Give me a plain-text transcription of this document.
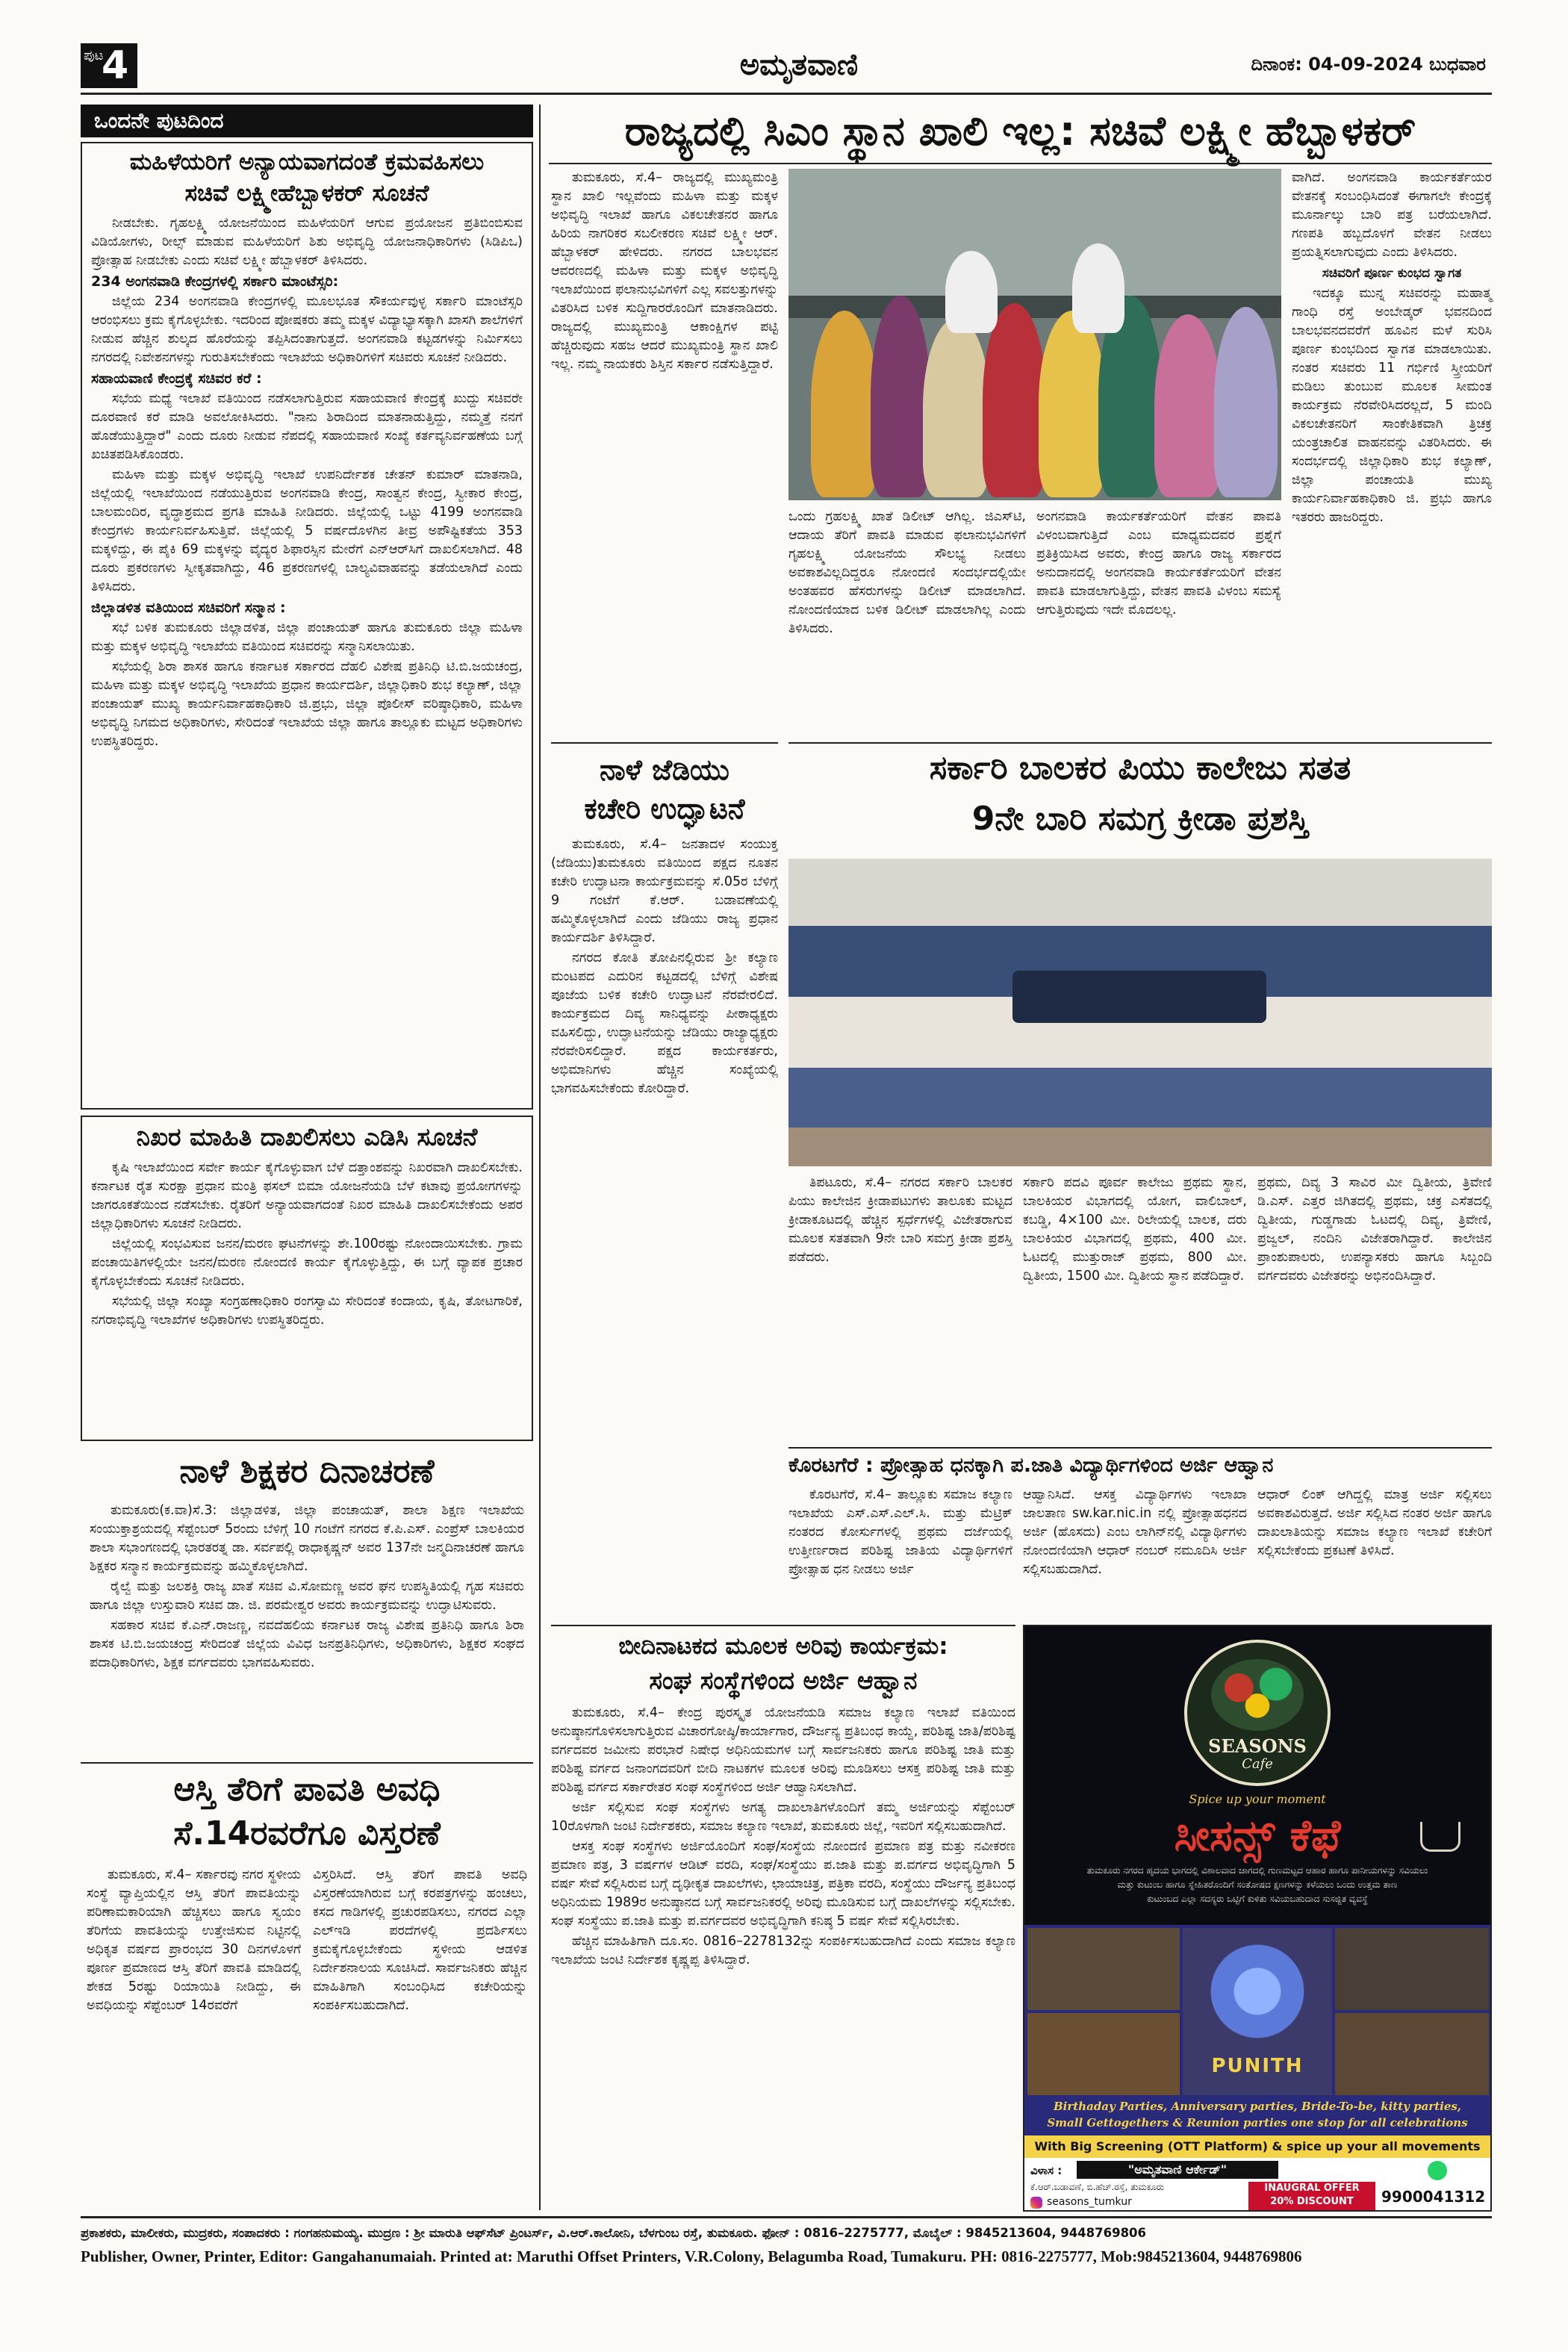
ಪುಟ
4	ಅಮೃತವಾಣಿ	ದಿನಾಂಕ: 04-09-2024 ಬುಧವಾರ
ಒಂದನೇ ಪುಟದಿಂದ
ಮಹಿಳೆಯರಿಗೆ ಅನ್ಯಾಯವಾಗದಂತೆ ಕ್ರಮವಹಿಸಲು
ಸಚಿವೆ ಲಕ್ಷ್ಮೀಹೆಬ್ಬಾಳಕರ್ ಸೂಚನೆ

ನೀಡಬೇಕು. ಗೃಹಲಕ್ಷ್ಮಿ ಯೋಜನೆಯಿಂದ ಮಹಿಳೆಯರಿಗೆ ಆಗುವ ಪ್ರಯೋಜನ ಪ್ರತಿಬಿಂಬಿಸುವ ವಿಡಿಯೋಗಳು, ರೀಲ್ಸ್ ಮಾಡುವ ಮಹಿಳೆಯರಿಗೆ ಶಿಶು ಅಭಿವೃದ್ಧಿ ಯೋಜನಾಧಿಕಾರಿಗಳು (ಸಿಡಿಪಿಒ) ಪ್ರೋತ್ಸಾಹ ನೀಡಬೇಕು ಎಂದು ಸಚಿವೆ ಲಕ್ಷ್ಮೀ ಹೆಬ್ಬಾಳಕರ್ ತಿಳಿಸಿದರು.

234 ಅಂಗನವಾಡಿ ಕೇಂದ್ರಗಳಲ್ಲಿ ಸರ್ಕಾರಿ ಮಾಂಟೆಸ್ಸರಿ:

ಜಿಲ್ಲೆಯ 234 ಅಂಗನವಾಡಿ ಕೇಂದ್ರಗಳಲ್ಲಿ ಮೂಲಭೂತ ಸೌಕರ್ಯವುಳ್ಳ ಸರ್ಕಾರಿ ಮಾಂಟೆಸ್ಸರಿ ಆರಂಭಿಸಲು ಕ್ರಮ ಕೈಗೊಳ್ಳಬೇಕು. ಇದರಿಂದ ಪೋಷಕರು ತಮ್ಮ ಮಕ್ಕಳ ವಿದ್ಯಾಭ್ಯಾಸಕ್ಕಾಗಿ ಖಾಸಗಿ ಶಾಲೆಗಳಿಗೆ ನೀಡುವ ಹೆಚ್ಚಿನ ಶುಲ್ಕದ ಹೊರೆಯನ್ನು ತಪ್ಪಿಸಿದಂತಾಗುತ್ತದೆ. ಅಂಗನವಾಡಿ ಕಟ್ಟಡಗಳನ್ನು ನಿರ್ಮಿಸಲು ನಗರದಲ್ಲಿ ನಿವೇಶನಗಳನ್ನು ಗುರುತಿಸಬೇಕೆಂದು ಇಲಾಖೆಯ ಅಧಿಕಾರಿಗಳಿಗೆ ಸಚಿವರು ಸೂಚನೆ ನೀಡಿದರು.

ಸಹಾಯವಾಣಿ ಕೇಂದ್ರಕ್ಕೆ ಸಚಿವರ ಕರೆ :

ಸಭೆಯ ಮಧ್ಯೆ ಇಲಾಖೆ ವತಿಯಿಂದ ನಡೆಸಲಾಗುತ್ತಿರುವ ಸಹಾಯವಾಣಿ ಕೇಂದ್ರಕ್ಕೆ ಖುದ್ದು ಸಚಿವರೇ ದೂರವಾಣಿ ಕರೆ ಮಾಡಿ ಅವಲೋಕಿಸಿದರು. "ನಾನು ಶಿರಾದಿಂದ ಮಾತನಾಡುತ್ತಿದ್ದು, ನಮ್ಮತ್ತೆ ನನಗೆ ಹೊಡೆಯುತ್ತಿದ್ದಾರೆ" ಎಂದು ದೂರು ನೀಡುವ ನೆಪದಲ್ಲಿ ಸಹಾಯವಾಣಿ ಸಂಖ್ಯೆ ಕರ್ತವ್ಯನಿರ್ವಹಣೆಯ ಬಗ್ಗೆ ಖಚಿತಪಡಿಸಿಕೊಂಡರು.

ಮಹಿಳಾ ಮತ್ತು ಮಕ್ಕಳ ಅಭಿವೃದ್ಧಿ ಇಲಾಖೆ ಉಪನಿರ್ದೇಶಕ ಚೇತನ್ ಕುಮಾರ್ ಮಾತನಾಡಿ, ಜಿಲ್ಲೆಯಲ್ಲಿ ಇಲಾಖೆಯಿಂದ ನಡೆಯುತ್ತಿರುವ ಅಂಗನವಾಡಿ ಕೇಂದ್ರ, ಸಾಂತ್ವನ ಕೇಂದ್ರ, ಸ್ವೀಕಾರ ಕೇಂದ್ರ, ಬಾಲಮಂದಿರ, ವೃದ್ಧಾಶ್ರಮದ ಪ್ರಗತಿ ಮಾಹಿತಿ ನೀಡಿದರು. ಜಿಲ್ಲೆಯಲ್ಲಿ ಒಟ್ಟು 4199 ಅಂಗನವಾಡಿ ಕೇಂದ್ರಗಳು ಕಾರ್ಯನಿರ್ವಹಿಸುತ್ತಿವೆ. ಜಿಲ್ಲೆಯಲ್ಲಿ 5 ವರ್ಷದೊಳಗಿನ ತೀವ್ರ ಅಪೌಷ್ಟಿಕತೆಯ 353 ಮಕ್ಕಳಿದ್ದು, ಈ ಪೈಕಿ 69 ಮಕ್ಕಳನ್ನು ವೈದ್ಯರ ಶಿಫಾರಸ್ಸಿನ ಮೇರೆಗೆ ಎನ್‌ಆರ್‌ಸಿಗೆ ದಾಖಲಿಸಲಾಗಿದೆ. 48 ದೂರು ಪ್ರಕರಣಗಳು ಸ್ವೀಕೃತವಾಗಿದ್ದು, 46 ಪ್ರಕರಣಗಳಲ್ಲಿ ಬಾಲ್ಯವಿವಾಹವನ್ನು ತಡೆಯಲಾಗಿದೆ ಎಂದು ತಿಳಿಸಿದರು.

ಜಿಲ್ಲಾಡಳಿತ ವತಿಯಿಂದ ಸಚಿವರಿಗೆ ಸನ್ಮಾನ :

ಸಭೆ ಬಳಿಕ ತುಮಕೂರು ಜಿಲ್ಲಾಡಳಿತ, ಜಿಲ್ಲಾ ಪಂಚಾಯತ್ ಹಾಗೂ ತುಮಕೂರು ಜಿಲ್ಲಾ ಮಹಿಳಾ ಮತ್ತು ಮಕ್ಕಳ ಅಭಿವೃದ್ಧಿ ಇಲಾಖೆಯ ವತಿಯಿಂದ ಸಚಿವರನ್ನು ಸನ್ಮಾನಿಸಲಾಯಿತು.

ಸಭೆಯಲ್ಲಿ ಶಿರಾ ಶಾಸಕ ಹಾಗೂ ಕರ್ನಾಟಕ ಸರ್ಕಾರದ ದೆಹಲಿ ವಿಶೇಷ ಪ್ರತಿನಿಧಿ ಟಿ.ಬಿ.ಜಯಚಂದ್ರ, ಮಹಿಳಾ ಮತ್ತು ಮಕ್ಕಳ ಅಭಿವೃದ್ಧಿ ಇಲಾಖೆಯ ಪ್ರಧಾನ ಕಾರ್ಯದರ್ಶಿ, ಜಿಲ್ಲಾಧಿಕಾರಿ ಶುಭ ಕಲ್ಯಾಣ್, ಜಿಲ್ಲಾ ಪಂಚಾಯತ್ ಮುಖ್ಯ ಕಾರ್ಯನಿರ್ವಾಹಕಾಧಿಕಾರಿ ಜಿ.ಪ್ರಭು, ಜಿಲ್ಲಾ ಪೊಲೀಸ್ ವರಿಷ್ಠಾಧಿಕಾರಿ, ಮಹಿಳಾ ಅಭಿವೃದ್ಧಿ ನಿಗಮದ ಅಧಿಕಾರಿಗಳು, ಸೇರಿದಂತೆ ಇಲಾಖೆಯ ಜಿಲ್ಲಾ ಹಾಗೂ ತಾಲ್ಲೂಕು ಮಟ್ಟದ ಅಧಿಕಾರಿಗಳು ಉಪಸ್ಥಿತರಿದ್ದರು.

ನಿಖರ ಮಾಹಿತಿ ದಾಖಲಿಸಲು ಎಡಿಸಿ ಸೂಚನೆ

ಕೃಷಿ ಇಲಾಖೆಯಿಂದ ಸರ್ವೇ ಕಾರ್ಯ ಕೈಗೊಳ್ಳುವಾಗ ಬೆಳೆ ದತ್ತಾಂಶವನ್ನು ನಿಖರವಾಗಿ ದಾಖಲಿಸಬೇಕು. ಕರ್ನಾಟಕ ರೈತ ಸುರಕ್ಷಾ ಪ್ರಧಾನ ಮಂತ್ರಿ ಫಸಲ್ ಬಿಮಾ ಯೋಜನೆಯಡಿ ಬೆಳೆ ಕಟಾವು ಪ್ರಯೋಗಗಳನ್ನು ಜಾಗರೂಕತೆಯಿಂದ ನಡೆಸಬೇಕು. ರೈತರಿಗೆ ಅನ್ಯಾಯವಾಗದಂತೆ ನಿಖರ ಮಾಹಿತಿ ದಾಖಲಿಸಬೇಕೆಂದು ಅಪರ ಜಿಲ್ಲಾಧಿಕಾರಿಗಳು ಸೂಚನೆ ನೀಡಿದರು.

ಜಿಲ್ಲೆಯಲ್ಲಿ ಸಂಭವಿಸುವ ಜನನ/ಮರಣ ಘಟನೆಗಳನ್ನು ಶೇ.100ರಷ್ಟು ನೋಂದಾಯಿಸಬೇಕು. ಗ್ರಾಮ ಪಂಚಾಯಿತಿಗಳಲ್ಲಿಯೇ ಜನನ/ಮರಣ ನೋಂದಣಿ ಕಾರ್ಯ ಕೈಗೊಳ್ಳುತ್ತಿದ್ದು, ಈ ಬಗ್ಗೆ ವ್ಯಾಪಕ ಪ್ರಚಾರ ಕೈಗೊಳ್ಳಬೇಕೆಂದು ಸೂಚನೆ ನೀಡಿದರು.

ಸಭೆಯಲ್ಲಿ ಜಿಲ್ಲಾ ಸಂಖ್ಯಾ ಸಂಗ್ರಹಣಾಧಿಕಾರಿ ರಂಗಸ್ವಾಮಿ ಸೇರಿದಂತೆ ಕಂದಾಯ, ಕೃಷಿ, ತೋಟಗಾರಿಕೆ, ನಗರಾಭಿವೃದ್ಧಿ ಇಲಾಖೆಗಳ ಅಧಿಕಾರಿಗಳು ಉಪಸ್ಥಿತರಿದ್ದರು.

ನಾಳೆ ಶಿಕ್ಷಕರ ದಿನಾಚರಣೆ

ತುಮಕೂರು(ಕ.ವಾ)ಸೆ.3: ಜಿಲ್ಲಾಡಳಿತ, ಜಿಲ್ಲಾ ಪಂಚಾಯತ್, ಶಾಲಾ ಶಿಕ್ಷಣ ಇಲಾಖೆಯ ಸಂಯುಕ್ತಾಶ್ರಯದಲ್ಲಿ ಸೆಪ್ಟೆಂಬರ್ 5ರಂದು ಬೆಳಿಗ್ಗೆ 10 ಗಂಟೆಗೆ ನಗರದ ಕೆ.ಪಿ.ಎಸ್. ಎಂಪ್ರೆಸ್ ಬಾಲಕಿಯರ ಶಾಲಾ ಸಭಾಂಗಣದಲ್ಲಿ ಭಾರತರತ್ನ ಡಾ. ಸರ್ವಪಲ್ಲಿ ರಾಧಾಕೃಷ್ಣನ್ ಅವರ 137ನೇ ಜನ್ಮದಿನಾಚರಣೆ ಹಾಗೂ ಶಿಕ್ಷಕರ ಸನ್ಮಾನ ಕಾರ್ಯಕ್ರಮವನ್ನು ಹಮ್ಮಿಕೊಳ್ಳಲಾಗಿದೆ.

ರೈಲ್ವೆ ಮತ್ತು ಜಲಶಕ್ತಿ ರಾಜ್ಯ ಖಾತೆ ಸಚಿವ ವಿ.ಸೋಮಣ್ಣ ಅವರ ಘನ ಉಪಸ್ಥಿತಿಯಲ್ಲಿ ಗೃಹ ಸಚಿವರು ಹಾಗೂ ಜಿಲ್ಲಾ ಉಸ್ತುವಾರಿ ಸಚಿವ ಡಾ. ಜಿ. ಪರಮೇಶ್ವರ ಅವರು ಕಾರ್ಯಕ್ರಮವನ್ನು ಉದ್ಘಾಟಿಸುವರು.

ಸಹಕಾರ ಸಚಿವ ಕೆ.ಎನ್.ರಾಜಣ್ಣ, ನವದೆಹಲಿಯ ಕರ್ನಾಟಕ ರಾಜ್ಯ ವಿಶೇಷ ಪ್ರತಿನಿಧಿ ಹಾಗೂ ಶಿರಾ ಶಾಸಕ ಟಿ.ಬಿ.ಜಯಚಂದ್ರ ಸೇರಿದಂತೆ ಜಿಲ್ಲೆಯ ವಿವಿಧ ಜನಪ್ರತಿನಿಧಿಗಳು, ಅಧಿಕಾರಿಗಳು, ಶಿಕ್ಷಕರ ಸಂಘದ ಪದಾಧಿಕಾರಿಗಳು, ಶಿಕ್ಷಕ ವರ್ಗದವರು ಭಾಗವಹಿಸುವರು.

ಆಸ್ತಿ ತೆರಿಗೆ ಪಾವತಿ ಅವಧಿ
ಸೆ.14ರವರೆಗೂ ವಿಸ್ತರಣೆ

ತುಮಕೂರು, ಸೆ.4– ಸರ್ಕಾರವು ನಗರ ಸ್ಥಳೀಯ ಸಂಸ್ಥೆ ವ್ಯಾಪ್ತಿಯಲ್ಲಿನ ಆಸ್ತಿ ತೆರಿಗೆ ಪಾವತಿಯನ್ನು ಪರಿಣಾಮಕಾರಿಯಾಗಿ ಹೆಚ್ಚಿಸಲು ಹಾಗೂ ಸ್ವಯಂ ತೆರಿಗೆಯ ಪಾವತಿಯನ್ನು ಉತ್ತೇಜಿಸುವ ನಿಟ್ಟಿನಲ್ಲಿ ಅಧಿಕೃತ ವರ್ಷದ ಪ್ರಾರಂಭದ 30 ದಿನಗಳೊಳಗೆ ಪೂರ್ಣ ಪ್ರಮಾಣದ ಆಸ್ತಿ ತೆರಿಗೆ ಪಾವತಿ ಮಾಡಿದಲ್ಲಿ ಶೇಕಡ 5ರಷ್ಟು ರಿಯಾಯಿತಿ ನೀಡಿದ್ದು, ಈ ಅವಧಿಯನ್ನು ಸೆಪ್ಟೆಂಬರ್ 14ರವರೆಗೆ

ವಿಸ್ತರಿಸಿದೆ. ಆಸ್ತಿ ತೆರಿಗೆ ಪಾವತಿ ಅವಧಿ ವಿಸ್ತರಣೆಯಾಗಿರುವ ಬಗ್ಗೆ ಕರಪತ್ರಗಳನ್ನು ಹಂಚಲು, ಕಸದ ಗಾಡಿಗಳಲ್ಲಿ ಪ್ರಚುರಪಡಿಸಲು, ನಗರದ ಎಲ್ಲಾ ಎಲ್‌ಇಡಿ ಪರದೆಗಳಲ್ಲಿ ಪ್ರದರ್ಶಿಸಲು ಕ್ರಮಕೈಗೊಳ್ಳಬೇಕೆಂದು ಸ್ಥಳೀಯ ಆಡಳಿತ ನಿರ್ದೇಶನಾಲಯ ಸೂಚಿಸಿದೆ. ಸಾರ್ವಜನಿಕರು ಹೆಚ್ಚಿನ ಮಾಹಿತಿಗಾಗಿ ಸಂಬಂಧಿಸಿದ ಕಚೇರಿಯನ್ನು ಸಂಪರ್ಕಿಸಬಹುದಾಗಿದೆ.

ರಾಜ್ಯದಲ್ಲಿ ಸಿಎಂ ಸ್ಥಾನ ಖಾಲಿ ಇಲ್ಲ: ಸಚಿವೆ ಲಕ್ಷ್ಮೀ ಹೆಬ್ಬಾಳಕರ್

ತುಮಕೂರು, ಸೆ.4– ರಾಜ್ಯದಲ್ಲಿ ಮುಖ್ಯಮಂತ್ರಿ ಸ್ಥಾನ ಖಾಲಿ ಇಲ್ಲವೆಂದು ಮಹಿಳಾ ಮತ್ತು ಮಕ್ಕಳ ಅಭಿವೃದ್ಧಿ ಇಲಾಖೆ ಹಾಗೂ ವಿಕಲಚೇತನರ ಹಾಗೂ ಹಿರಿಯ ನಾಗರಿಕರ ಸಬಲೀಕರಣ ಸಚಿವೆ ಲಕ್ಷ್ಮೀ ಆರ್. ಹೆಬ್ಬಾಳಕರ್ ಹೇಳಿದರು. ನಗರದ ಬಾಲಭವನ ಆವರಣದಲ್ಲಿ ಮಹಿಳಾ ಮತ್ತು ಮಕ್ಕಳ ಅಭಿವೃದ್ಧಿ ಇಲಾಖೆಯಿಂದ ಫಲಾನುಭವಿಗಳಿಗೆ ಎಲ್ಲ ಸವಲತ್ತುಗಳನ್ನು ವಿತರಿಸಿದ ಬಳಿಕ ಸುದ್ದಿಗಾರರೊಂದಿಗೆ ಮಾತನಾಡಿದರು. ರಾಜ್ಯದಲ್ಲಿ ಮುಖ್ಯಮಂತ್ರಿ ಆಕಾಂಕ್ಷಿಗಳ ಪಟ್ಟಿ ಹೆಚ್ಚಿರುವುದು ಸಹಜ ಆದರೆ ಮುಖ್ಯಮಂತ್ರಿ ಸ್ಥಾನ ಖಾಲಿ ಇಲ್ಲ. ನಮ್ಮ ನಾಯಕರು ಶಿಸ್ತಿನ ಸರ್ಕಾರ ನಡೆಸುತ್ತಿದ್ದಾರೆ.

ಒಂದು ಗ್ರಹಲಕ್ಷ್ಮಿ ಖಾತೆ ಡಿಲೀಟ್ ಆಗಿಲ್ಲ. ಜಿಎಸ್‌ಟಿ, ಆದಾಯ ತೆರಿಗೆ ಪಾವತಿ ಮಾಡುವ ಫಲಾನುಭವಿಗಳಿಗೆ ಗೃಹಲಕ್ಷ್ಮಿ ಯೋಜನೆಯ ಸೌಲಭ್ಯ ನೀಡಲು ಅವಕಾಶವಿಲ್ಲದಿದ್ದರೂ ನೋಂದಣಿ ಸಂದರ್ಭದಲ್ಲಿಯೇ ಅಂತಹವರ ಹೆಸರುಗಳನ್ನು ಡಿಲೀಟ್ ಮಾಡಲಾಗಿದೆ. ನೋಂದಣಿಯಾದ ಬಳಿಕ ಡಿಲೀಟ್ ಮಾಡಲಾಗಿಲ್ಲ ಎಂದು ತಿಳಿಸಿದರು.

ಅಂಗನವಾಡಿ ಕಾರ್ಯಕರ್ತೆಯರಿಗೆ ವೇತನ ಪಾವತಿ ವಿಳಂಬವಾಗುತ್ತಿದೆ ಎಂಬ ಮಾಧ್ಯಮದವರ ಪ್ರಶ್ನೆಗೆ ಪ್ರತಿಕ್ರಿಯಿಸಿದ ಅವರು, ಕೇಂದ್ರ ಹಾಗೂ ರಾಜ್ಯ ಸರ್ಕಾರದ ಅನುದಾನದಲ್ಲಿ ಅಂಗನವಾಡಿ ಕಾರ್ಯಕರ್ತೆಯರಿಗೆ ವೇತನ ಪಾವತಿ ಮಾಡಲಾಗುತ್ತಿದ್ದು, ವೇತನ ಪಾವತಿ ವಿಳಂಬ ಸಮಸ್ಯೆ ಆಗುತ್ತಿರುವುದು ಇದೇ ಮೊದಲಲ್ಲ.

ವಾಗಿದೆ. ಅಂಗನವಾಡಿ ಕಾರ್ಯಕರ್ತೆಯರ ವೇತನಕ್ಕೆ ಸಂಬಂಧಿಸಿದಂತೆ ಈಗಾಗಲೇ ಕೇಂದ್ರಕ್ಕೆ ಮೂರ್ನಾಲ್ಕು ಬಾರಿ ಪತ್ರ ಬರೆಯಲಾಗಿದೆ. ಗಣಪತಿ ಹಬ್ಬದೊಳಗೆ ವೇತನ ನೀಡಲು ಪ್ರಯತ್ನಿಸಲಾಗುವುದು ಎಂದು ತಿಳಿಸಿದರು.

ಸಚಿವರಿಗೆ ಪೂರ್ಣ ಕುಂಭದ ಸ್ವಾಗತ

ಇದಕ್ಕೂ ಮುನ್ನ ಸಚಿವರನ್ನು ಮಹಾತ್ಮ ಗಾಂಧಿ ರಸ್ತೆ ಅಂಬೇಡ್ಕರ್ ಭವನದಿಂದ ಬಾಲಭವನದವರೆಗೆ ಹೂವಿನ ಮಳೆ ಸುರಿಸಿ ಪೂರ್ಣ ಕುಂಭದಿಂದ ಸ್ವಾಗತ ಮಾಡಲಾಯಿತು. ನಂತರ ಸಚಿವರು 11 ಗರ್ಭಿಣಿ ಸ್ತ್ರೀಯರಿಗೆ ಮಡಿಲು ತುಂಬುವ ಮೂಲಕ ಸೀಮಂತ ಕಾರ್ಯಕ್ರಮ ನೆರವೇರಿಸಿದರಲ್ಲದೆ, 5 ಮಂದಿ ವಿಕಲಚೇತನರಿಗೆ ಸಾಂಕೇತಿಕವಾಗಿ ತ್ರಿಚಕ್ರ ಯಂತ್ರಚಾಲಿತ ವಾಹನವನ್ನು ವಿತರಿಸಿದರು. ಈ ಸಂದರ್ಭದಲ್ಲಿ ಜಿಲ್ಲಾಧಿಕಾರಿ ಶುಭ ಕಲ್ಯಾಣ್, ಜಿಲ್ಲಾ ಪಂಚಾಯತಿ ಮುಖ್ಯ ಕಾರ್ಯನಿರ್ವಾಹಕಾಧಿಕಾರಿ ಜಿ. ಪ್ರಭು ಹಾಗೂ ಇತರರು ಹಾಜರಿದ್ದರು.

ನಾಳೆ ಜೆಡಿಯು
ಕಚೇರಿ ಉದ್ಘಾಟನೆ

ತುಮಕೂರು, ಸೆ.4– ಜನತಾದಳ ಸಂಯುಕ್ತ (ಜೆಡಿಯು)ತುಮಕೂರು ವತಿಯಿಂದ ಪಕ್ಷದ ನೂತನ ಕಚೇರಿ ಉದ್ಘಾಟನಾ ಕಾರ್ಯಕ್ರಮವನ್ನು ಸೆ.05ರ ಬೆಳಿಗ್ಗೆ 9 ಗಂಟೆಗೆ ಕೆ.ಆರ್. ಬಡಾವಣೆಯಲ್ಲಿ ಹಮ್ಮಿಕೊಳ್ಳಲಾಗಿದೆ ಎಂದು ಜೆಡಿಯು ರಾಜ್ಯ ಪ್ರಧಾನ ಕಾರ್ಯದರ್ಶಿ ತಿಳಿಸಿದ್ದಾರೆ.

ನಗರದ ಕೋತಿ ತೋಪಿನಲ್ಲಿರುವ ಶ್ರೀ ಕಲ್ಯಾಣ ಮಂಟಪದ ಎದುರಿನ ಕಟ್ಟಡದಲ್ಲಿ ಬೆಳಿಗ್ಗೆ ವಿಶೇಷ ಪೂಜೆಯ ಬಳಿಕ ಕಚೇರಿ ಉದ್ಘಾಟನೆ ನೆರವೇರಲಿದೆ. ಕಾರ್ಯಕ್ರಮದ ದಿವ್ಯ ಸಾನಿಧ್ಯವನ್ನು ಪೀಠಾಧ್ಯಕ್ಷರು ವಹಿಸಲಿದ್ದು, ಉದ್ಘಾಟನೆಯನ್ನು ಜೆಡಿಯು ರಾಜ್ಯಾಧ್ಯಕ್ಷರು ನೆರವೇರಿಸಲಿದ್ದಾರೆ. ಪಕ್ಷದ ಕಾರ್ಯಕರ್ತರು, ಅಭಿಮಾನಿಗಳು ಹೆಚ್ಚಿನ ಸಂಖ್ಯೆಯಲ್ಲಿ ಭಾಗವಹಿಸಬೇಕೆಂದು ಕೋರಿದ್ದಾರೆ.

ಸರ್ಕಾರಿ ಬಾಲಕರ ಪಿಯು ಕಾಲೇಜು ಸತತ
9ನೇ ಬಾರಿ ಸಮಗ್ರ ಕ್ರೀಡಾ ಪ್ರಶಸ್ತಿ

ತಿಪಟೂರು, ಸೆ.4– ನಗರದ ಸರ್ಕಾರಿ ಬಾಲಕರ ಪಿಯು ಕಾಲೇಜಿನ ಕ್ರೀಡಾಪಟುಗಳು ತಾಲೂಕು ಮಟ್ಟದ ಕ್ರೀಡಾಕೂಟದಲ್ಲಿ ಹೆಚ್ಚಿನ ಸ್ಪರ್ಧೆಗಳಲ್ಲಿ ವಿಜೇತರಾಗುವ ಮೂಲಕ ಸತತವಾಗಿ 9ನೇ ಬಾರಿ ಸಮಗ್ರ ಕ್ರೀಡಾ ಪ್ರಶಸ್ತಿ ಪಡೆದರು.

ಸರ್ಕಾರಿ ಪದವಿ ಪೂರ್ವ ಕಾಲೇಜು ಪ್ರಥಮ ಸ್ಥಾನ, ಬಾಲಕಿಯರ ವಿಭಾಗದಲ್ಲಿ ಯೋಗ, ವಾಲಿಬಾಲ್, ಕಬಡ್ಡಿ, 4×100 ಮೀ. ರಿಲೇಯಲ್ಲಿ ಬಾಲಕ, ದರು ಬಾಲಕಿಯರ ವಿಭಾಗದಲ್ಲಿ ಪ್ರಥಮ, 400 ಮೀ. ಓಟದಲ್ಲಿ ಮುತ್ತುರಾಜ್ ಪ್ರಥಮ, 800 ಮೀ. ದ್ವಿತೀಯ, 1500 ಮೀ. ದ್ವಿತೀಯ ಸ್ಥಾನ ಪಡೆದಿದ್ದಾರೆ.

ಪ್ರಥಮ, ದಿವ್ಯ 3 ಸಾವಿರ ಮೀ ದ್ವಿತೀಯ, ತ್ರಿವೇಣಿ ಡಿ.ಎಸ್. ಎತ್ತರ ಜಿಗಿತದಲ್ಲಿ ಪ್ರಥಮ, ಚಕ್ರ ಎಸೆತದಲ್ಲಿ ದ್ವಿತೀಯ, ಗುಡ್ಡಗಾಡು ಓಟದಲ್ಲಿ ದಿವ್ಯ, ತ್ರಿವೇಣಿ, ಪ್ರಜ್ವಲ್, ನಂದಿನಿ ವಿಜೇತರಾಗಿದ್ದಾರೆ. ಕಾಲೇಜಿನ ಪ್ರಾಂಶುಪಾಲರು, ಉಪನ್ಯಾಸಕರು ಹಾಗೂ ಸಿಬ್ಬಂದಿ ವರ್ಗದವರು ವಿಜೇತರನ್ನು ಅಭಿನಂದಿಸಿದ್ದಾರೆ.

ಕೊರಟಗೆರೆ : ಪ್ರೋತ್ಸಾಹ ಧನಕ್ಕಾಗಿ ಪ.ಜಾತಿ ವಿದ್ಯಾರ್ಥಿಗಳಿಂದ ಅರ್ಜಿ ಆಹ್ವಾನ

ಕೊರಟಗೆರೆ, ಸೆ.4– ತಾಲ್ಲೂಕು ಸಮಾಜ ಕಲ್ಯಾಣ ಇಲಾಖೆಯ ಎಸ್.ಎಸ್.ಎಲ್.ಸಿ. ಮತ್ತು ಮೆಟ್ರಿಕ್ ನಂತರದ ಕೋರ್ಸುಗಳಲ್ಲಿ ಪ್ರಥಮ ದರ್ಜೆಯಲ್ಲಿ ಉತ್ತೀರ್ಣರಾದ ಪರಿಶಿಷ್ಟ ಜಾತಿಯ ವಿದ್ಯಾರ್ಥಿಗಳಿಗೆ ಪ್ರೋತ್ಸಾಹ ಧನ ನೀಡಲು ಅರ್ಜಿ

ಆಹ್ವಾನಿಸಿದೆ. ಆಸಕ್ತ ವಿದ್ಯಾರ್ಥಿಗಳು ಇಲಾಖಾ ಜಾಲತಾಣ sw.kar.nic.in ನಲ್ಲಿ ಪ್ರೋತ್ಸಾಹಧನದ ಅರ್ಜಿ (ಹೊಸದು) ಎಂಬ ಲಾಗಿನ್‌ನಲ್ಲಿ ವಿದ್ಯಾರ್ಥಿಗಳು ನೋಂದಣಿಯಾಗಿ ಆಧಾರ್ ನಂಬರ್ ನಮೂದಿಸಿ ಅರ್ಜಿ ಸಲ್ಲಿಸಬಹುದಾಗಿದೆ.

ಆಧಾರ್ ಲಿಂಕ್ ಆಗಿದ್ದಲ್ಲಿ ಮಾತ್ರ ಅರ್ಜಿ ಸಲ್ಲಿಸಲು ಅವಕಾಶವಿರುತ್ತದೆ. ಅರ್ಜಿ ಸಲ್ಲಿಸಿದ ನಂತರ ಅರ್ಜಿ ಹಾಗೂ ದಾಖಲಾತಿಯನ್ನು ಸಮಾಜ ಕಲ್ಯಾಣ ಇಲಾಖೆ ಕಚೇರಿಗೆ ಸಲ್ಲಿಸಬೇಕೆಂದು ಪ್ರಕಟಣೆ ತಿಳಿಸಿದೆ.

ಬೀದಿನಾಟಕದ ಮೂಲಕ ಅರಿವು ಕಾರ್ಯಕ್ರಮ:
ಸಂಘ ಸಂಸ್ಥೆಗಳಿಂದ ಅರ್ಜಿ ಆಹ್ವಾನ

ತುಮಕೂರು, ಸೆ.4– ಕೇಂದ್ರ ಪುರಸ್ಕೃತ ಯೋಜನೆಯಡಿ ಸಮಾಜ ಕಲ್ಯಾಣ ಇಲಾಖೆ ವತಿಯಿಂದ ಅನುಷ್ಠಾನಗೊಳಿಸಲಾಗುತ್ತಿರುವ ವಿಚಾರಗೋಷ್ಠಿ/ಕಾರ್ಯಾಗಾರ, ದೌರ್ಜನ್ಯ ಪ್ರತಿಬಂಧ ಕಾಯ್ದೆ, ಪರಿಶಿಷ್ಟ ಜಾತಿ/ಪರಿಶಿಷ್ಟ ವರ್ಗದವರ ಜಮೀನು ಪರಭಾರೆ ನಿಷೇಧ ಅಧಿನಿಯಮಗಳ ಬಗ್ಗೆ ಸಾರ್ವಜನಿಕರು ಹಾಗೂ ಪರಿಶಿಷ್ಟ ಜಾತಿ ಮತ್ತು ಪರಿಶಿಷ್ಟ ವರ್ಗದ ಜನಾಂಗದವರಿಗೆ ಬೀದಿ ನಾಟಕಗಳ ಮೂಲಕ ಅರಿವು ಮೂಡಿಸಲು ಆಸಕ್ತ ಪರಿಶಿಷ್ಟ ಜಾತಿ ಮತ್ತು ಪರಿಶಿಷ್ಟ ವರ್ಗದ ಸರ್ಕಾರೇತರ ಸಂಘ ಸಂಸ್ಥೆಗಳಿಂದ ಅರ್ಜಿ ಆಹ್ವಾನಿಸಲಾಗಿದೆ.

ಅರ್ಜಿ ಸಲ್ಲಿಸುವ ಸಂಘ ಸಂಸ್ಥೆಗಳು ಅಗತ್ಯ ದಾಖಲಾತಿಗಳೊಂದಿಗೆ ತಮ್ಮ ಅರ್ಜಿಯನ್ನು ಸೆಪ್ಟೆಂಬರ್ 10ರೊಳಗಾಗಿ ಜಂಟಿ ನಿರ್ದೇಶಕರು, ಸಮಾಜ ಕಲ್ಯಾಣ ಇಲಾಖೆ, ತುಮಕೂರು ಜಿಲ್ಲೆ, ಇವರಿಗೆ ಸಲ್ಲಿಸಬಹುದಾಗಿದೆ.

ಆಸಕ್ತ ಸಂಘ ಸಂಸ್ಥೆಗಳು ಅರ್ಜಿಯೊಂದಿಗೆ ಸಂಘ/ಸಂಸ್ಥೆಯ ನೋಂದಣಿ ಪ್ರಮಾಣ ಪತ್ರ ಮತ್ತು ನವೀಕರಣ ಪ್ರಮಾಣ ಪತ್ರ, 3 ವರ್ಷಗಳ ಆಡಿಟ್ ವರದಿ, ಸಂಘ/ಸಂಸ್ಥೆಯು ಪ.ಜಾತಿ ಮತ್ತು ಪ.ವರ್ಗದ ಅಭಿವೃದ್ಧಿಗಾಗಿ 5 ವರ್ಷ ಸೇವೆ ಸಲ್ಲಿಸಿರುವ ಬಗ್ಗೆ ದೃಢೀಕೃತ ದಾಖಲೆಗಳು, ಛಾಯಾಚಿತ್ರ, ಪತ್ರಿಕಾ ವರದಿ, ಸಂಸ್ಥೆಯು ದೌರ್ಜನ್ಯ ಪ್ರತಿಬಂಧ ಅಧಿನಿಯಮ 1989ರ ಅನುಷ್ಠಾನದ ಬಗ್ಗೆ ಸಾರ್ವಜನಿಕರಲ್ಲಿ ಅರಿವು ಮೂಡಿಸುವ ಬಗ್ಗೆ ದಾಖಲೆಗಳನ್ನು ಸಲ್ಲಿಸಬೇಕು. ಸಂಘ ಸಂಸ್ಥೆಯು ಪ.ಜಾತಿ ಮತ್ತು ಪ.ವರ್ಗದವರ ಅಭಿವೃದ್ಧಿಗಾಗಿ ಕನಿಷ್ಠ 5 ವರ್ಷ ಸೇವೆ ಸಲ್ಲಿಸಿರಬೇಕು.

ಹೆಚ್ಚಿನ ಮಾಹಿತಿಗಾಗಿ ದೂ.ಸಂ. 0816–2278132ನ್ನು ಸಂಪರ್ಕಿಸಬಹುದಾಗಿದೆ ಎಂದು ಸಮಾಜ ಕಲ್ಯಾಣ ಇಲಾಖೆಯ ಜಂಟಿ ನಿರ್ದೇಶಕ ಕೃಷ್ಣಪ್ಪ ತಿಳಿಸಿದ್ದಾರೆ.

SEASONS
Cafe
Spice up your moment
ಸೀಸನ್ಸ್ ಕೆಫೆ
ತುಮಕೂರು ನಗರದ ಹೃದಯ ಭಾಗದಲ್ಲಿ ವಿಶಾಲವಾದ ಜಾಗದಲ್ಲಿ ಗುಣಮಟ್ಟದ ಆಹಾರ ಹಾಗೂ ಪಾನೀಯಗಳನ್ನು ಸವಿಯಲು
ಮತ್ತು ಕುಟುಂಬ ಹಾಗೂ ಸ್ನೇಹಿತರೊಂದಿಗೆ ಸಂತೋಷದ ಕ್ಷಣಗಳನ್ನು ಕಳೆಯಲು ಒಂದು ಉತ್ತಮ ತಾಣ
ಕುಟುಂಬದ ಎಲ್ಲಾ ಸದಸ್ಯರು ಒಟ್ಟಿಗೆ ಕುಳಿತು ಸವಿಯಬಹುದಾದ ಸುಸಜ್ಜಿತ ವ್ಯವಸ್ಥೆ
PUNITH
Birthaday Parties, Anniversary parties, Bride-To-be, kitty parties,
Small Gettogethers & Reunion parties one stop for all celebrations
With Big Screening (OTT Platform) & spice up your all movements
ವಿಳಾಸ :	"ಅಮೃತವಾಣಿ ಆರ್ಕೇಡ್"
ಕೆ.ಆರ್.ಬಡಾವಣೆ, ಬಿ.ಹೆಚ್.ರಸ್ತೆ, ತುಮಕೂರು
seasons_tumkur
INAUGRAL OFFER
20% DISCOUNT	9900041312
ಪ್ರಕಾಶಕರು, ಮಾಲೀಕರು, ಮುದ್ರಕರು, ಸಂಪಾದಕರು : ಗಂಗಹನುಮಯ್ಯ. ಮುದ್ರಣ : ಶ್ರೀ ಮಾರುತಿ ಆಫ್‌ಸೆಟ್ ಪ್ರಿಂಟರ್ಸ್, ವಿ.ಆರ್.ಕಾಲೋನಿ, ಬೆಳಗುಂಬ ರಸ್ತೆ, ತುಮಕೂರು. ಫೋನ್ : 0816–2275777, ಮೊಬೈಲ್ : 9845213604, 9448769806
Publisher, Owner, Printer, Editor: Gangahanumaiah. Printed at: Maruthi Offset Printers, V.R.Colony, Belagumba Road, Tumakuru. PH: 0816-2275777, Mob:9845213604, 9448769806
